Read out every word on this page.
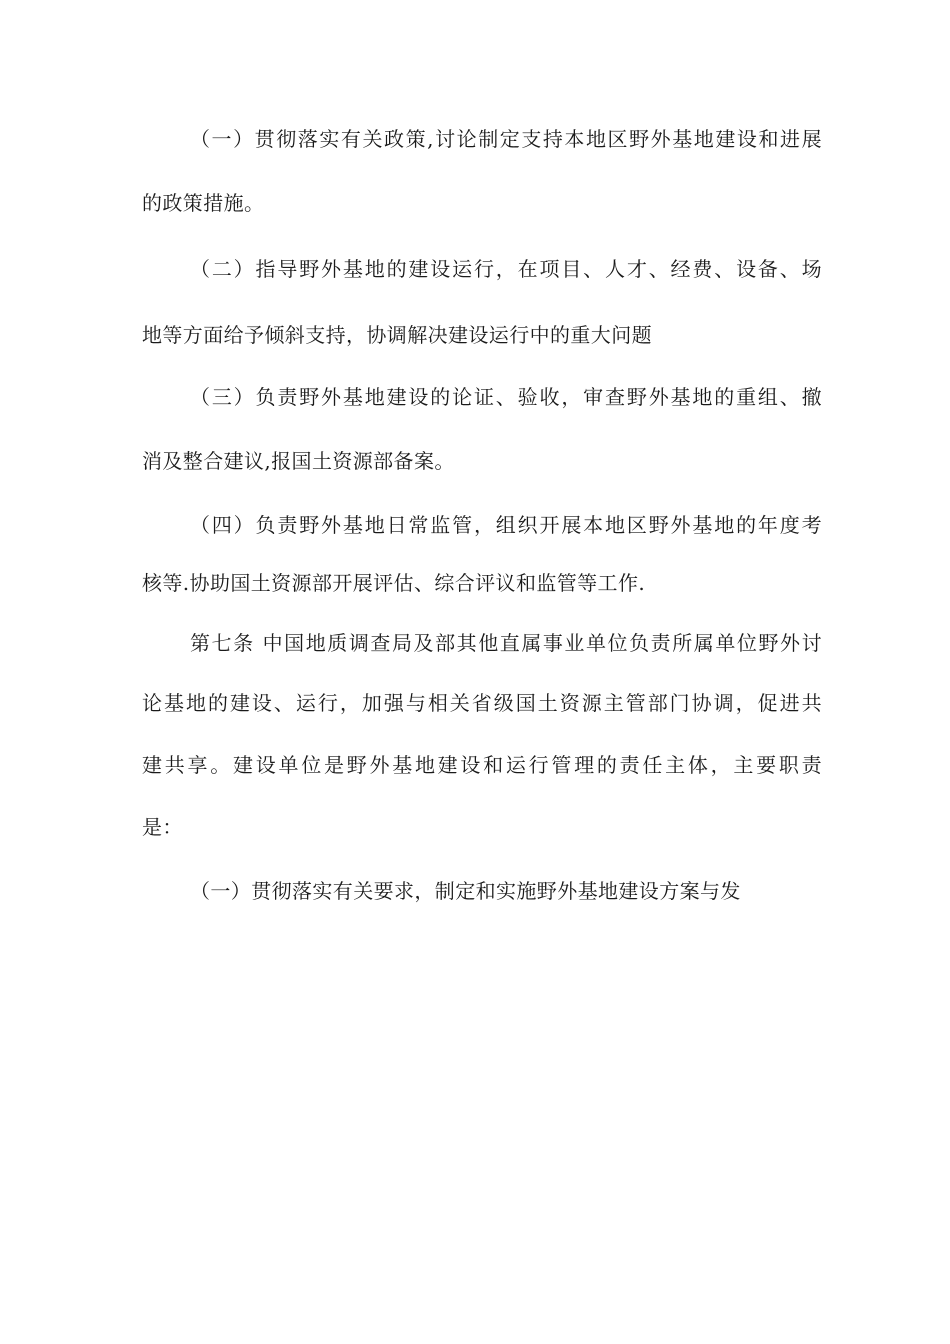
（一）贯彻落实有关政策,讨论制定支持本地区野外基地建设和进展
的政策措施。
（二）指导野外基地的建设运行，在项目、人才、经费、设备、场
地等方面给予倾斜支持，协调解决建设运行中的重大问题
（三）负责野外基地建设的论证、验收，审查野外基地的重组、撤
消及整合建议,报国土资源部备案。
（四）负责野外基地日常监管，组织开展本地区野外基地的年度考
核等.协助国土资源部开展评估、综合评议和监管等工作.
第七条 中国地质调查局及部其他直属事业单位负责所属单位野外讨
论基地的建设、运行，加强与相关省级国土资源主管部门协调，促进共
建共享。建设单位是野外基地建设和运行管理的责任主体，主要职责
是：
（一）贯彻落实有关要求，制定和实施野外基地建设方案与发
